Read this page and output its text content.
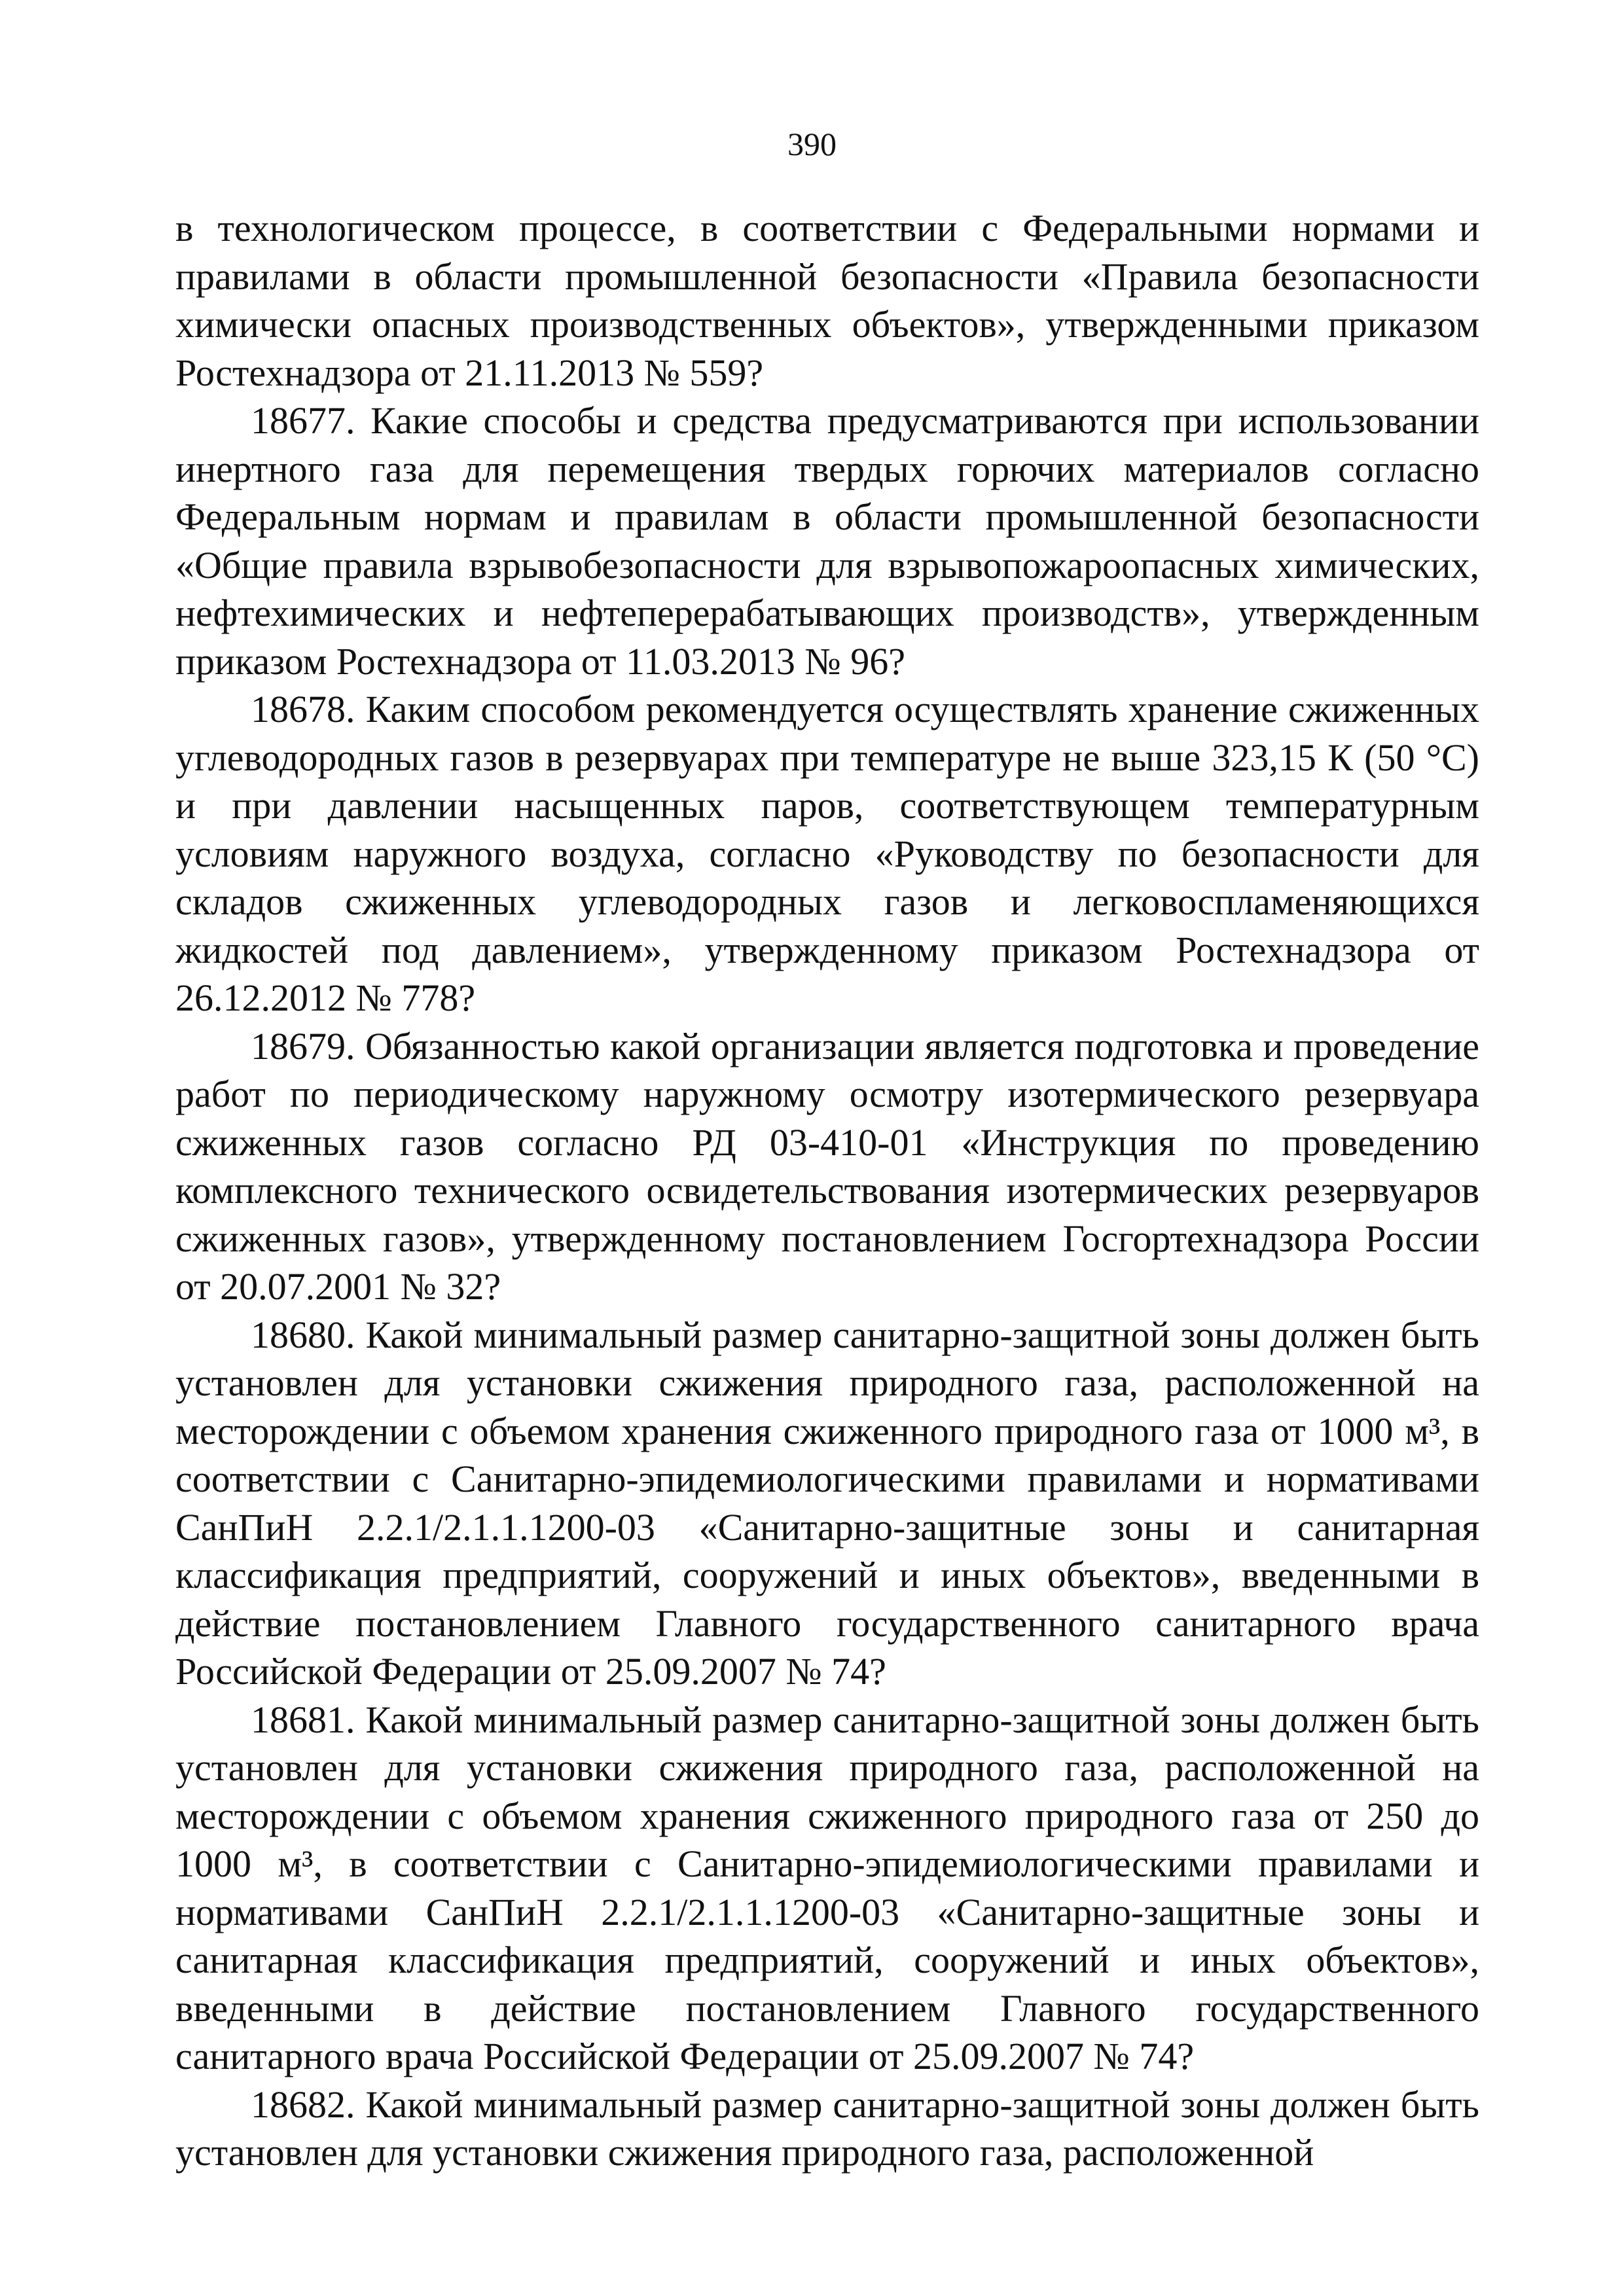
390

в технологическом процессе, в соответствии с Федеральными нормами и правилами в области промышленной безопасности «Правила безопасности химически опасных производственных объектов», утвержденными приказом Ростехнадзора от 21.11.2013 № 559?

18677. Какие способы и средства предусматриваются при использовании инертного газа для перемещения твердых горючих материалов согласно Федеральным нормам и правилам в области промышленной безопасности «Общие правила взрывобезопасности для взрывопожароопасных химических, нефтехимических и нефтеперерабатывающих производств», утвержденным приказом Ростехнадзора от 11.03.2013 № 96?

18678. Каким способом рекомендуется осуществлять хранение сжиженных углеводородных газов в резервуарах при температуре не выше 323,15 К (50 °С) и при давлении насыщенных паров, соответствующем температурным условиям наружного воздуха, согласно «Руководству по безопасности для складов сжиженных углеводородных газов и легковоспламеняющихся жидкостей под давлением», утвержденному приказом Ростехнадзора от 26.12.2012 № 778?

18679. Обязанностью какой организации является подготовка и проведение работ по периодическому наружному осмотру изотермического резервуара сжиженных газов согласно РД 03-410-01 «Инструкция по проведению комплексного технического освидетельствования изотермических резервуаров сжиженных газов», утвержденному постановлением Госгортехнадзора России от 20.07.2001 № 32?

18680. Какой минимальный размер санитарно-защитной зоны должен быть установлен для установки сжижения природного газа, расположенной на месторождении с объемом хранения сжиженного природного газа от 1000 м³, в соответствии с Санитарно-эпидемиологическими правилами и нормативами СанПиН 2.2.1/2.1.1.1200-03 «Санитарно-защитные зоны и санитарная классификация предприятий, сооружений и иных объектов», введенными в действие постановлением Главного государственного санитарного врача Российской Федерации от 25.09.2007 № 74?

18681. Какой минимальный размер санитарно-защитной зоны должен быть установлен для установки сжижения природного газа, расположенной на месторождении с объемом хранения сжиженного природного газа от 250 до 1000 м³, в соответствии с Санитарно-эпидемиологическими правилами и нормативами СанПиН 2.2.1/2.1.1.1200-03 «Санитарно-защитные зоны и санитарная классификация предприятий, сооружений и иных объектов», введенными в действие постановлением Главного государственного санитарного врача Российской Федерации от 25.09.2007 № 74?

18682. Какой минимальный размер санитарно-защитной зоны должен быть установлен для установки сжижения природного газа, расположенной
